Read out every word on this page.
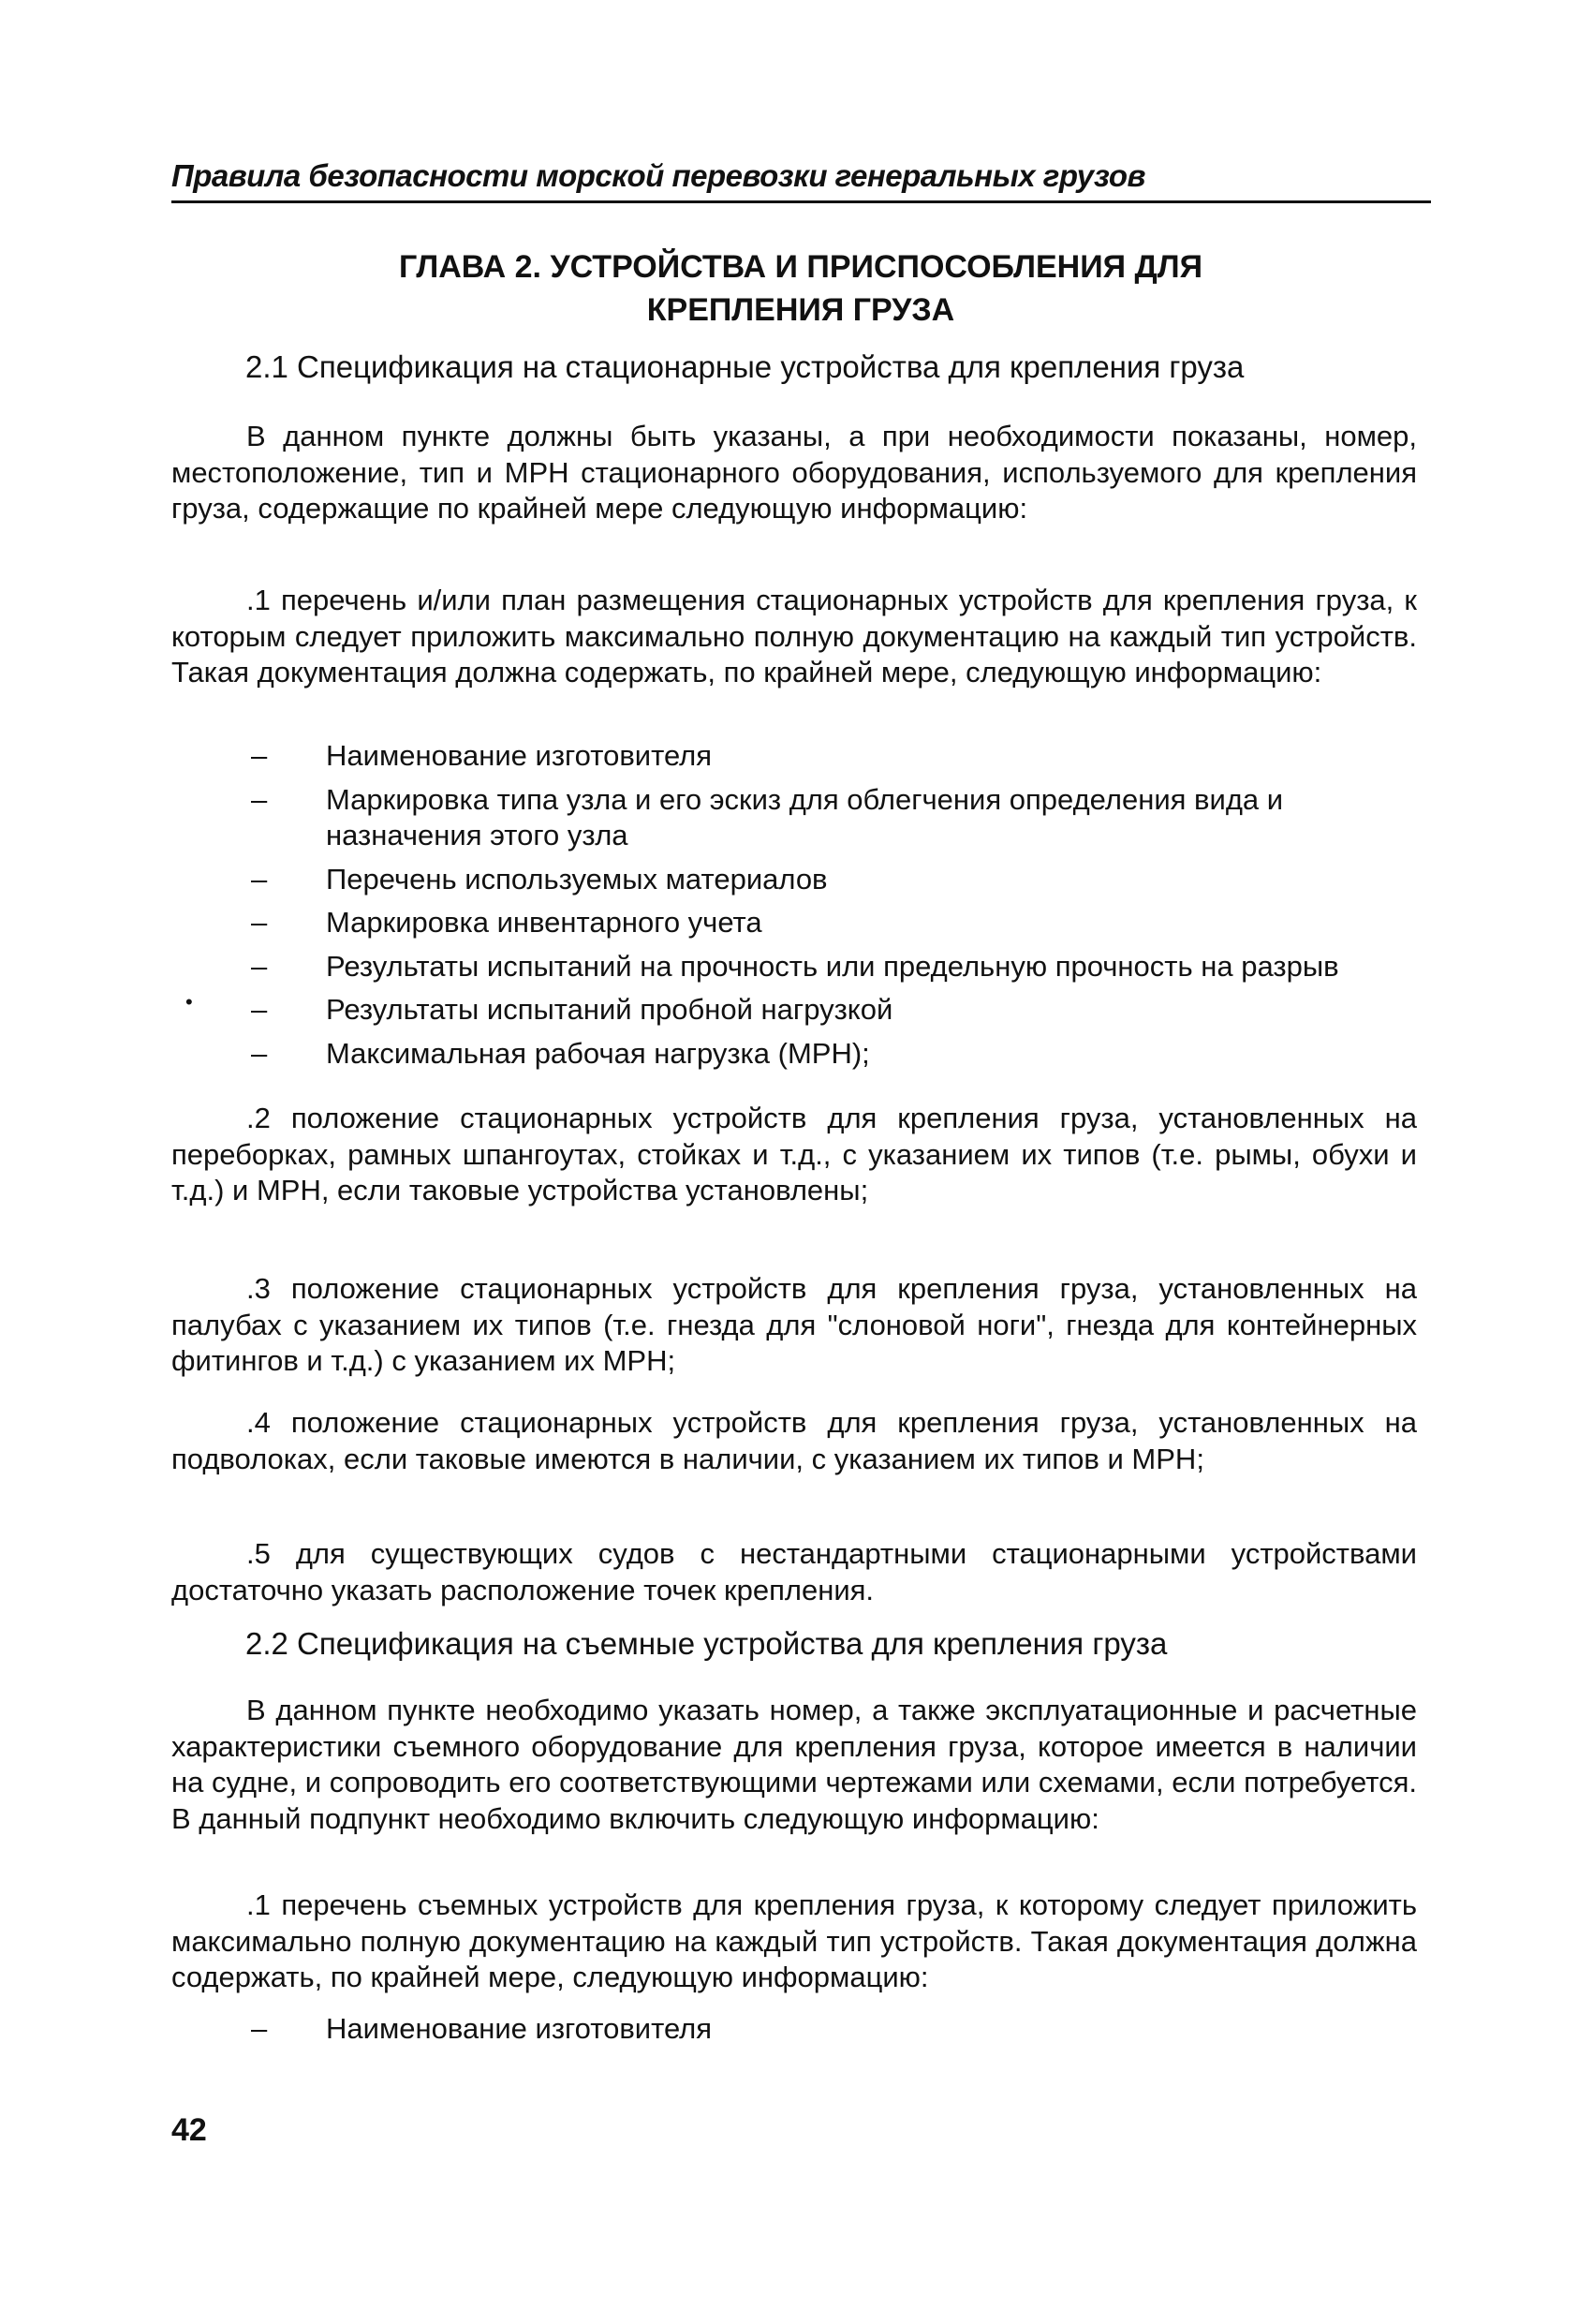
Правила безопасности морской перевозки генеральных грузов
ГЛАВА 2. УСТРОЙСТВА И ПРИСПОСОБЛЕНИЯ ДЛЯ
КРЕПЛЕНИЯ ГРУЗА
2.1 Спецификация на стационарные устройства для крепления груза

В данном пункте должны быть указаны, а при необходимости показаны, номер, местоположение, тип и МРН стационарного оборудования, используемого для крепления груза, содержащие по крайней мере следующую информацию:

.1 перечень и/или план размещения стационарных устройств для крепления груза, к которым следует приложить максимально полную документацию на каждый тип устройств. Такая документация должна содержать, по крайней мере, следующую информацию:

– Наименование изготовителя
– Маркировка типа узла и его эскиз для облегчения определения вида и назначения этого узла
– Перечень используемых материалов
– Маркировка инвентарного учета
–
•
Результаты испытаний на прочность или предельную прочность на разрыв
– Результаты испытаний пробной нагрузкой
– Максимальная рабочая нагрузка (МРН);

.2 положение стационарных устройств для крепления груза, установленных на переборках, рамных шпангоутах, стойках и т.д., с указанием их типов (т.е. рымы, обухи и т.д.) и МРН, если таковые устройства установлены;

.3 положение стационарных устройств для крепления груза, установленных на палубах с указанием их типов (т.е. гнезда для "слоновой ноги", гнезда для контейнерных фитингов и т.д.) с указанием их МРН;

.4 положение стационарных устройств для крепления груза, установленных на подволоках, если таковые имеются в наличии, с указанием их типов и МРН;

.5 для существующих судов с нестандартными стационарными устройствами достаточно указать расположение точек крепления.

2.2 Спецификация на съемные устройства для крепления груза

В данном пункте необходимо указать номер, а также эксплуатационные и расчетные характеристики съемного оборудование для крепления груза, которое имеется в наличии на судне, и сопроводить его соответствующими чертежами или схемами, если потребуется. В данный подпункт необходимо включить следующую информацию:

.1 перечень съемных устройств для крепления груза, к которому следует приложить максимально полную документацию на каждый тип устройств. Такая документация должна содержать, по крайней мере, следующую информацию:

– Наименование изготовителя
42
